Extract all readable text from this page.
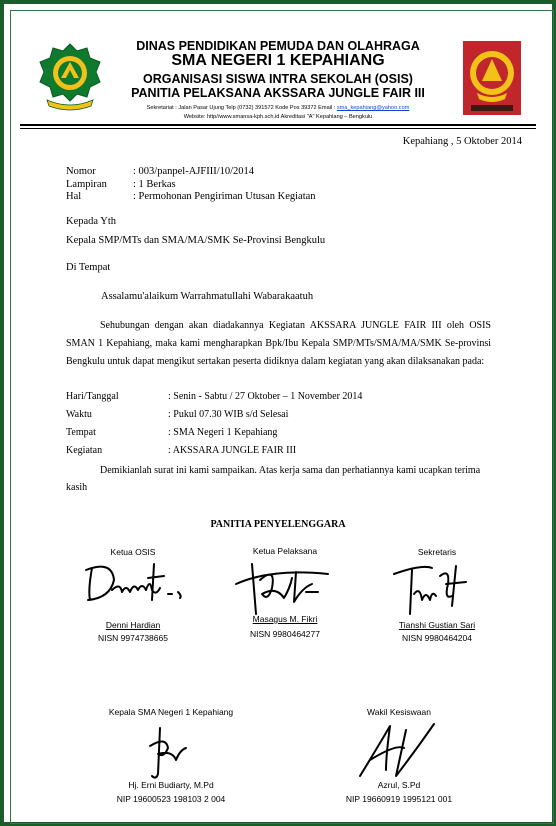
DINAS PENDIDIKAN PEMUDA DAN OLAHRAGA
SMA NEGERI 1 KEPAHIANG
ORGANISASI SISWA INTRA SEKOLAH (OSIS)
PANITIA PELAKSANA AKSSARA JUNGLE FAIR III
Sekretariat : Jalan Pasar Ujung Telp (0732) 391572 Kode Pos 39372 Email : sma_kepahiang@yahoo.com
Website: http//www.smansa-kph.sch.id Akreditasi "A" Kepahiang – Bengkulu
Kepahiang , 5 Oktober 2014
Nomor	: 003/panpel-AJFIII/10/2014
Lampiran : 1 Berkas
Hal	: Permohonan Pengiriman Utusan Kegiatan
Kepada Yth
Kepala SMP/MTs dan SMA/MA/SMK Se-Provinsi Bengkulu
Di Tempat
Assalamu'alaikum Warrahmatullahi Wabarakaatuh
Sehubungan dengan akan diadakannya Kegiatan AKSSARA JUNGLE FAIR III oleh OSIS SMAN 1 Kepahiang, maka kami mengharapkan Bpk/Ibu Kepala SMP/MTs/SMA/MA/SMK Se-provinsi Bengkulu untuk dapat mengikut sertakan peserta didiknya dalam kegiatan yang akan dilaksanakan pada:
Hari/Tanggal	: Senin - Sabtu / 27 Oktober – 1 November 2014
Waktu	: Pukul 07.30 WIB s/d Selesai
Tempat	: SMA Negeri 1 Kepahiang
Kegiatan	: AKSSARA JUNGLE FAIR III
Demikianlah surat ini kami sampaikan. Atas kerja sama dan perhatiannya kami ucapkan terima kasih
PANITIA PENYELENGGARA
Ketua OSIS
Denni Hardian
NISN 9974738665
Ketua Pelaksana
Masagus M. Fikri
NISN 9980464277
Sekretaris
Tianshi Gustian Sari
NISN 9980464204
Kepala SMA Negeri 1 Kepahiang
Hj. Erni Budiarty, M.Pd
NIP 19600523 198103 2 004
Wakil Kesiswaan
Azrul, S.Pd
NIP 19660919 1995121 001
